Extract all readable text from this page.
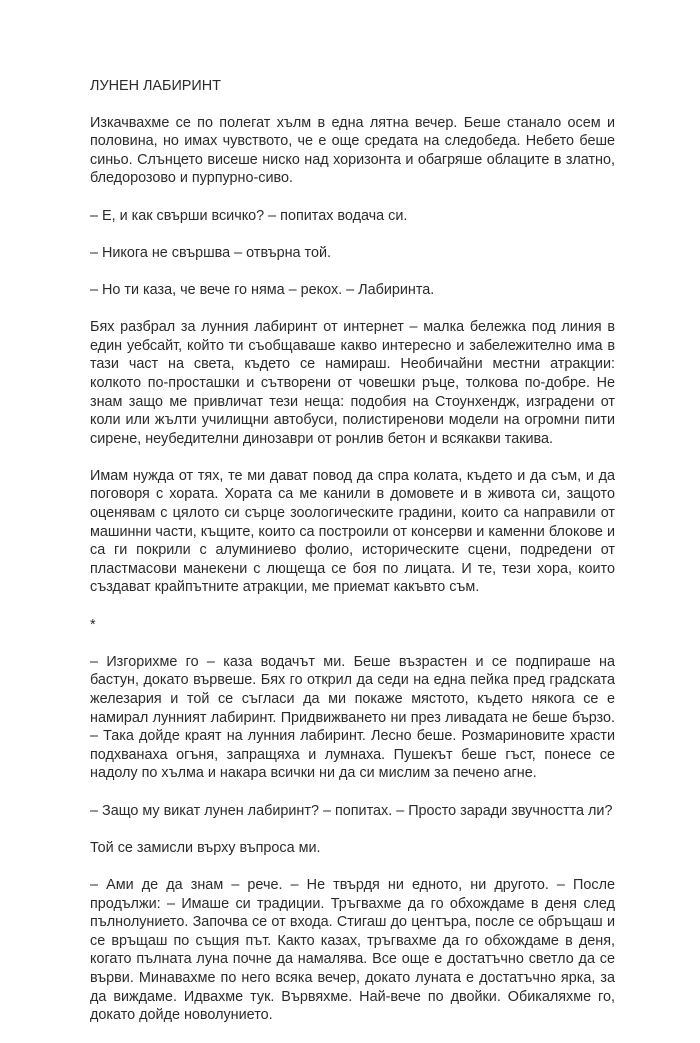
ЛУНЕН ЛАБИРИНТ
Изкачвахме се по полегат хълм в една лятна вечер. Беше станало осем и половина, но имах чувството, че е още средата на следобеда. Небето беше синьо. Слънцето висеше ниско над хоризонта и обагряше облаците в златно, бледорозово и пурпурно-сиво.
– Е, и как свърши всичко? – попитах водача си.
– Никога не свършва – отвърна той.
– Но ти каза, че вече го няма – рекох. – Лабиринта.
Бях разбрал за лунния лабиринт от интернет – малка бележка под линия в един уебсайт, който ти съобщаваше какво интересно и забележително има в тази част на света, където се намираш. Необичайни местни атракции: колкото по-просташки и сътворени от човешки ръце, толкова по-добре. Не знам защо ме привличат тези неща: подобия на Стоунхендж, изградени от коли или жълти училищни автобуси, полистиренови модели на огромни пити сирене, неубедителни динозаври от ронлив бетон и всякакви такива.
Имам нужда от тях, те ми дават повод да спра колата, където и да съм, и да поговоря с хората. Хората са ме канили в домовете и в живота си, защото оценявам с цялото си сърце зоологическите градини, които са направили от машинни части, къщите, които са построили от консерви и каменни блокове и са ги покрили с алуминиево фолио, историческите сцени, подредени от пластмасови манекени с лющеща се боя по лицата. И те, тези хора, които създават крайпътните атракции, ме приемат какъвто съм.
*
– Изгорихме го – каза водачът ми. Беше възрастен и се подпираше на бастун, докато вървеше. Бях го открил да седи на една пейка пред градската железария и той се съгласи да ми покаже мястото, където някога се е намирал лунният лабиринт. Придвижването ни през ливадата не беше бързо. – Така дойде краят на лунния лабиринт. Лесно беше. Розмариновите храсти подхванаха огъня, запращяха и лумнаха. Пушекът беше гъст, понесе се надолу по хълма и накара всички ни да си мислим за печено агне.
– Защо му викат лунен лабиринт? – попитах. – Просто заради звучността ли?
Той се замисли върху въпроса ми.
– Ами де да знам – рече. – Не твърдя ни едното, ни другото. – После продължи: – Имаше си традиции. Тръгвахме да го обхождаме в деня след пълнолунието. Започва се от входа. Стигаш до центъра, после се обръщаш и се връщаш по същия път. Както казах, тръгвахме да го обхождаме в деня, когато пълната луна почне да намалява. Все още е достатъчно светло да се върви. Минавахме по него всяка вечер, докато луната е достатъчно ярка, за да виждаме. Идвахме тук. Вървяхме. Най-вече по двойки. Обикаляхме го, докато дойде новолунието.
